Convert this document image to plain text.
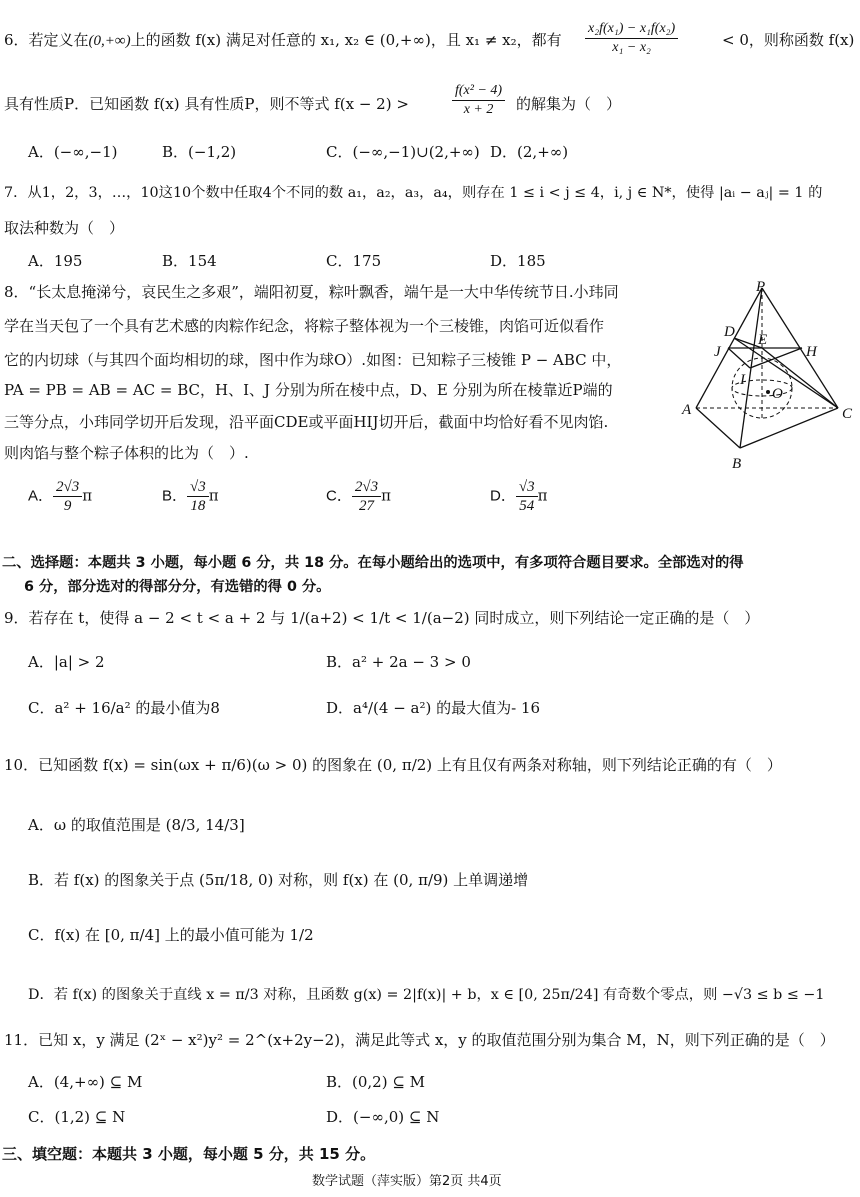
6．若定义在(0,+∞)上的函数 f(x) 满足对任意的 x₁, x₂ ∈ (0,+∞)，且 x₁ ≠ x₂，都有 $\frac{\text{x₂f(x₁) − x₁f(x₂)}}{\text{x₁ − x₂}}$	< 0，则称函数 f(x)
具有性质P．已知函数 f(x) 具有性质P，则不等式 f(x − 2) >	$\frac{\text{f(x² − 4)}}{x + 2}$ 的解集为（　）
A．(−∞,−1)	B．(−1,2)	C．(−∞,−1)∪(2,+∞) D．(2,+∞)
7．从1，2，3，…，10这10个数中任取4个不同的数 a₁，a₂，a₃，a₄，则存在 1 ≤ i < j ≤ 4，i, j ∈ N*，使得 |aᵢ − aⱼ| = 1 的
取法种数为（　）
A．195	B．154	C．175	D．185
8．“长太息掩涕兮，哀民生之多艰”，端阳初夏，粽叶飘香，端午是一大中华传统节日.小玮同
学在当天包了一个具有艺术感的肉粽作纪念，将粽子整体视为一个三棱锥，肉馅可近似看作
它的内切球（与其四个面均相切的球，图中作为球O）.如图：已知粽子三棱锥 P − ABC 中，
PA = PB = AB = AC = BC，H、I、J 分别为所在棱中点，D、E 分别为所在棱靠近P端的
三等分点，小玮同学切开后发现，沿平面CDE或平面HIJ切开后，截面中均恰好看不见肉馅.
则肉馅与整个粽子体积的比为（　）.
P
D E
J	H
I
O
A	C
B
A． $\frac{2√3}{9}$ π	B． $\frac{√3}{18}$ π	C． $\frac{2√3}{27}$ π	D． $\frac{√3}{54}$ π
二、选择题：本题共 3 小题，每小题 6 分，共 18 分。在每小题给出的选项中，有多项符合题目要求。全部选对的得
6 分，部分选对的得部分分，有选错的得 0 分。
9．若存在 t，使得 a − 2 < t < a + 2 与 1/(a+2) < 1/t < 1/(a−2) 同时成立，则下列结论一定正确的是（　）
A．|a| > 2	B．a² + 2a − 3 > 0
C．a² + 16/a² 的最小值为8	D．a⁴/(4 − a²) 的最大值为- 16
10．已知函数 f(x) = sin(ωx + π/6)(ω > 0) 的图象在 (0, π/2) 上有且仅有两条对称轴，则下列结论正确的有（　）
A．ω 的取值范围是 (8/3, 14/3]
B．若 f(x) 的图象关于点 (5π/18, 0) 对称，则 f(x) 在 (0, π/9) 上单调递增
C．f(x) 在 [0, π/4] 上的最小值可能为 1/2
D．若 f(x) 的图象关于直线 x = π/3 对称，且函数 g(x) = 2|f(x)| + b，x ∈ [0, 25π/24] 有奇数个零点，则 −√3 ≤ b ≤ −1
11．已知 x，y 满足 (2ˣ − x²)y² = 2^(x+2y−2)，满足此等式 x，y 的取值范围分别为集合 M，N，则下列正确的是（　）
A．(4,+∞) ⊆ M	B．(0,2) ⊆ M
C．(1,2) ⊆ N	D．(−∞,0) ⊆ N
三、填空题：本题共 3 小题，每小题 5 分，共 15 分。
数学试题（萍实版）第2页 共4页
